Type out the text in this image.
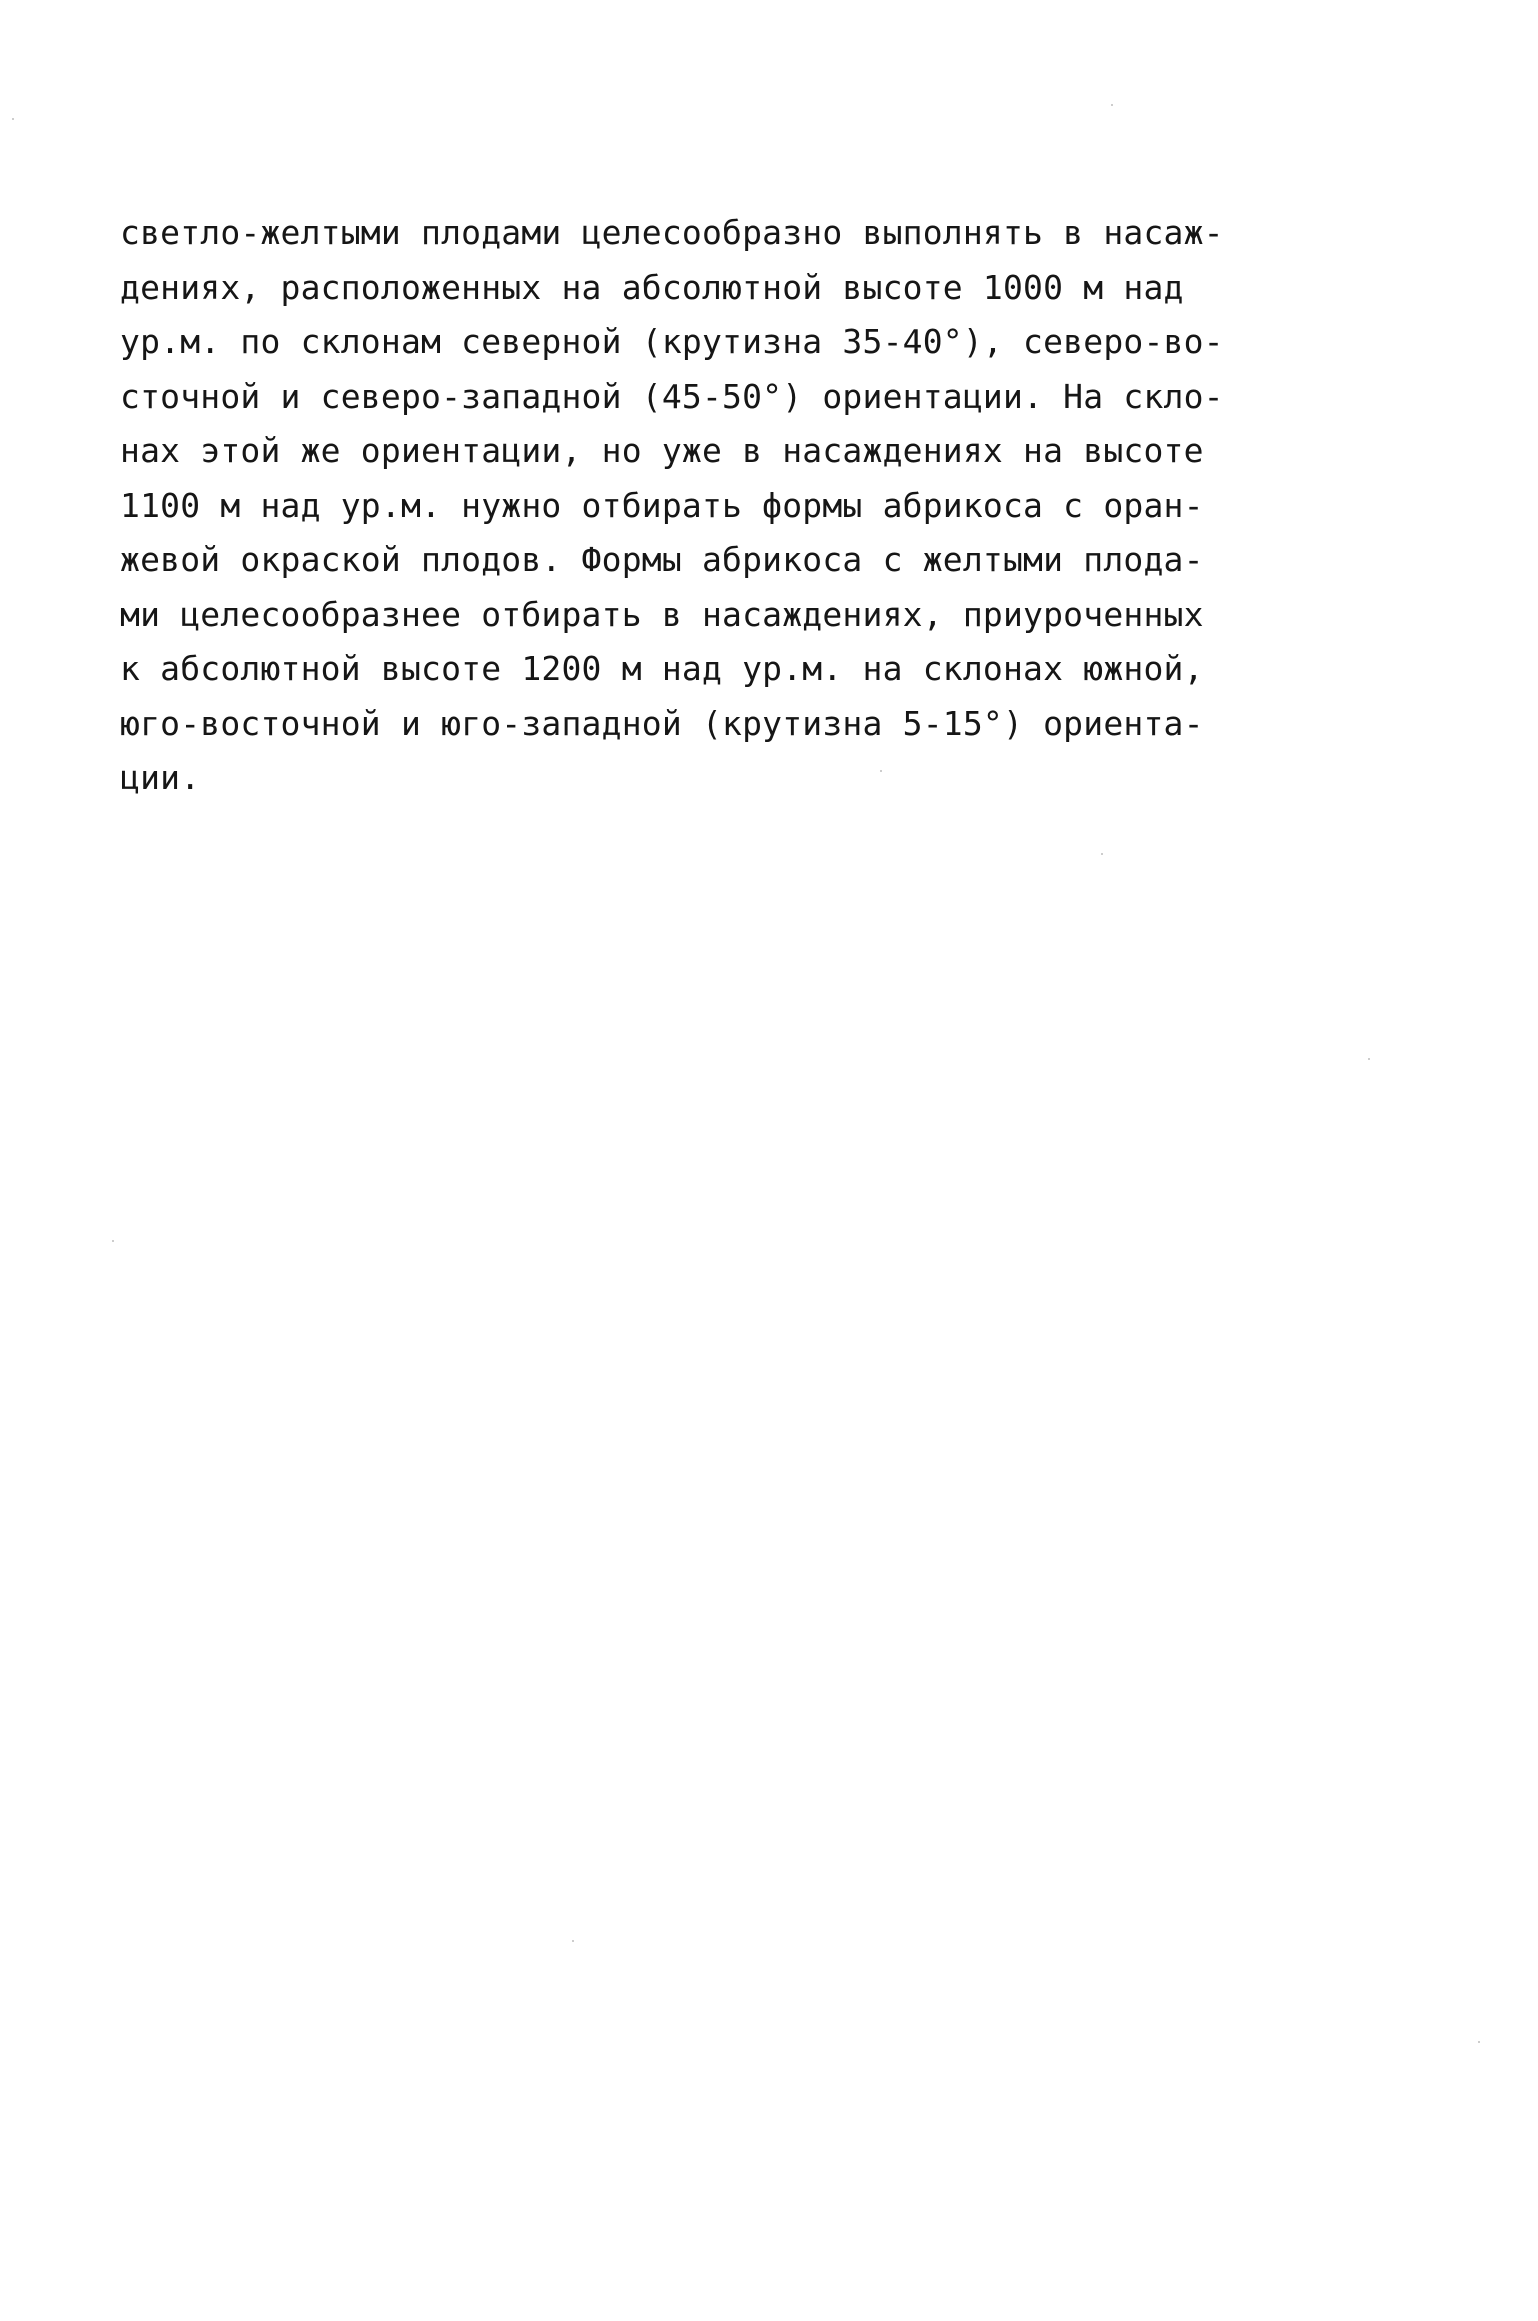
светло-желтыми плодами целесообразно выполнять в насаж-
дениях, расположенных на абсолютной высоте 1000 м над
ур.м. по склонам северной (крутизна 35-40°), северо-во-
сточной и северо-западной (45-50°) ориентации. На скло-
нах этой же ориентации, но уже в насаждениях на высоте
1100 м над ур.м. нужно отбирать формы абрикоса с оран-
жевой окраской плодов. Формы абрикоса с желтыми плода-
ми целесообразнее отбирать в насаждениях, приуроченных
к абсолютной высоте 1200 м над ур.м. на склонах южной,
юго-восточной и юго-западной (крутизна 5-15°) ориента-
ции.
